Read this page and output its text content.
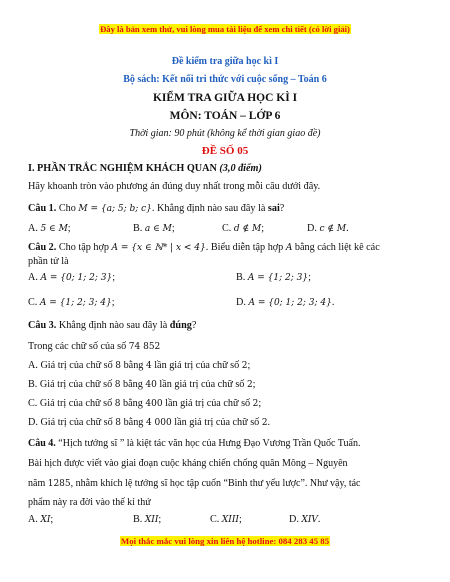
Đây là bản xem thử, vui lòng mua tài liệu để xem chi tiết (có lời giải)
Đề kiểm tra giữa học kì I
Bộ sách: Kết nối tri thức với cuộc sống – Toán 6
KIỂM TRA GIỮA HỌC KÌ I
MÔN: TOÁN – LỚP 6
Thời gian: 90 phút (không kể thời gian giao đề)
ĐỀ SỐ 05
I. PHẦN TRẮC NGHIỆM KHÁCH QUAN (3,0 điểm)
Hãy khoanh tròn vào phương án đúng duy nhất trong mỗi câu dưới đây.
Câu 1. Cho M = {a; 5; b; c}. Khẳng định nào sau đây là sai?
A. 5 ∈ M;	B. a ∈ M;	C. d ∉ M;	D. c ∉ M.
Câu 2. Cho tập hợp A = {x ∈ ℕ* | x < 4}. Biểu diễn tập hợp A bằng cách liệt kê các
phần tử là
A. A = {0; 1; 2; 3};	B. A = {1; 2; 3};
C. A = {1; 2; 3; 4};	D. A = {0; 1; 2; 3; 4}.
Câu 3. Khẳng định nào sau đây là đúng?
Trong các chữ số của số 74 852
A. Giá trị của chữ số 8 bằng 4 lần giá trị của chữ số 2;
B. Giá trị của chữ số 8 bằng 40 lần giá trị của chữ số 2;
C. Giá trị của chữ số 8 bằng 400 lần giá trị của chữ số 2;
D. Giá trị của chữ số 8 bằng 4 000 lần giá trị của chữ số 2.
Câu 4. “Hịch tướng sĩ ” là kiệt tác văn học của Hưng Đạo Vương Trần Quốc Tuấn.
Bài hịch được viết vào giai đoạn cuộc kháng chiến chống quân Mông – Nguyên
năm 1285, nhằm khích lệ tướng sĩ học tập cuốn “Binh thư yếu lược”. Như vậy, tác
phẩm này ra đời vào thế kỉ thứ
A. XI;	B. XII;	C. XIII;	D. XIV.
Mọi thắc mắc vui lòng xin liên hệ hotline: 084 283 45 85
